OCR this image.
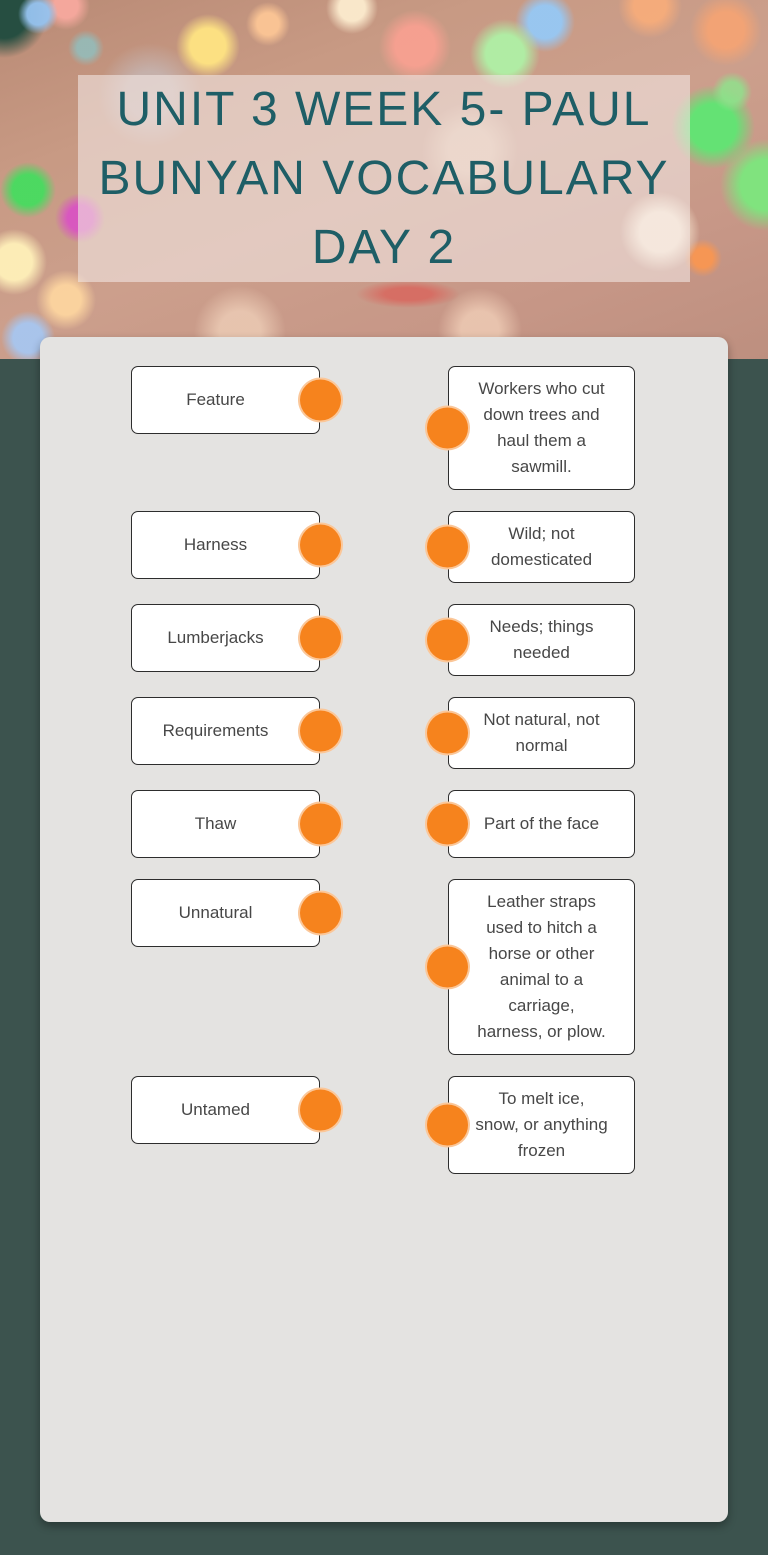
UNIT 3 WEEK 5- PAUL
BUNYAN VOCABULARY
DAY 2
Feature
Workers who cut down trees and haul them a sawmill.
Harness
Wild; not domesticated
Lumberjacks
Needs; things needed
Requirements
Not natural, not normal
Thaw	Part of the face
Unnatural
Leather straps used to hitch a horse or other animal to a carriage, harness, or plow.
Untamed
To melt ice, snow, or anything frozen
